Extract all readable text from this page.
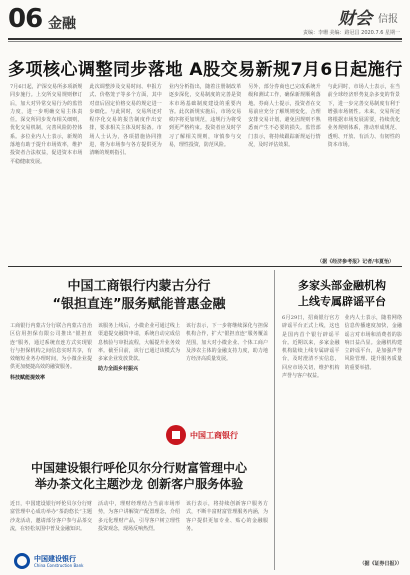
06 金融	财会 信报
责编：李珊 美编：路冠昌 2020.7.6 星期一
多项核心调整同步落地 A股交易新规7月6日起施行
7月6日起，沪深交易所多项新规同步施行。上交所交易规则修订后，加大对异常交易行为的监管力度，进一步明确交易主体责任。深交所同步发布相关细则，优化交易机制，完善风险防控体系。多位业内人士表示，新规的落地有助于提升市场效率，维护投资者合法权益，促进资本市场平稳健康发展。
此次调整涉及交易时间、申报方式、价格笼子等多个方面，其中对盘后固定价格交易的规定进一步细化。与此同时，交易所还对程序化交易的报告制度作出安排，要求相关主体及时报备。市场人士认为，各项措施协同推进，将为市场参与各方提供更为清晰的规则指引。
业内分析指出，随着注册制改革逐步深化，交易制度的完善是资本市场基础制度建设的重要内容。此次新规实施后，市场交易秩序将更加规范，违规行为将受到更严格约束。投资者应及时学习了解相关规则，审慎参与交易，理性投资，防范风险。
另外，部分券商也已完成系统升级和测试工作，确保新规顺利落地。券商人士提示，投资者在交易前应充分了解规则变化，合理安排交易计划，避免因规则不熟悉而产生不必要的损失。监管部门表示，将持续跟踪新规运行情况，及时评估效果。
与此同时，市场人士表示，在当前全球经济形势复杂多变的背景下，进一步完善交易制度有利于增强市场韧性。未来，交易所还将根据市场发展需要，持续优化业务规则体系，推动形成规范、透明、开放、有活力、有韧性的资本市场。
（据《经济参考报》记者/韦夏怡）
中国工商银行内蒙古分行
“银担直连”服务赋能普惠金融
工商银行内蒙古分行联合内蒙古自治区信用担保有限公司推出“银担直连”服务，通过系统直连方式实现银行与担保机构之间信息实时共享，有效缩短业务办理时间，为小微企业提供更加便捷高效的融资服务。
科技赋能提效率
该服务上线后，小微企业可通过线上渠道提交融资申请，系统自动完成信息核验与审批流程，大幅提升业务效率。截至目前，该行已通过该模式为多家企业发放贷款。
助力全面乡村振兴
该行表示，下一步将继续深化与担保机构合作，扩大“银担直连”服务覆盖范围，加大对小微企业、个体工商户及涉农主体的金融支持力度，助力地方经济高质量发展。
中国工商银行
中国建设银行呼伦贝尔分行财富管理中心
举办茶文化主题沙龙 创新客户服务体验
近日，中国建设银行呼伦贝尔分行财富管理中心成功举办“茶韵悠长”主题沙龙活动，邀请部分客户参与品茶交流，在轻松氛围中普及金融知识。
活动中，理财经理结合当前市场形势，为客户讲解资产配置理念，介绍多元化理财产品，引导客户树立理性投资观念，现场反响热烈。
该行表示，将持续创新客户服务方式，不断丰富财富管理服务内涵，为客户提供更加专业、贴心的金融服务。
中国建设银行
China Construction Bank
多家头部金融机构
上线专属辟谣平台
6月29日，招商银行官方辟谣平台正式上线，这也是国内首个银行辟谣平台。近期以来，多家金融机构陆续上线专属辟谣平台，及时澄清不实信息，回应市场关切，维护机构声誉与客户权益。
业内人士表示，随着网络信息传播速度加快，金融谣言对市场和消费者的影响日益凸显。金融机构建立辟谣平台，是加强声誉风险管理、提升服务质量的重要举措。
（据《证券日报》）
